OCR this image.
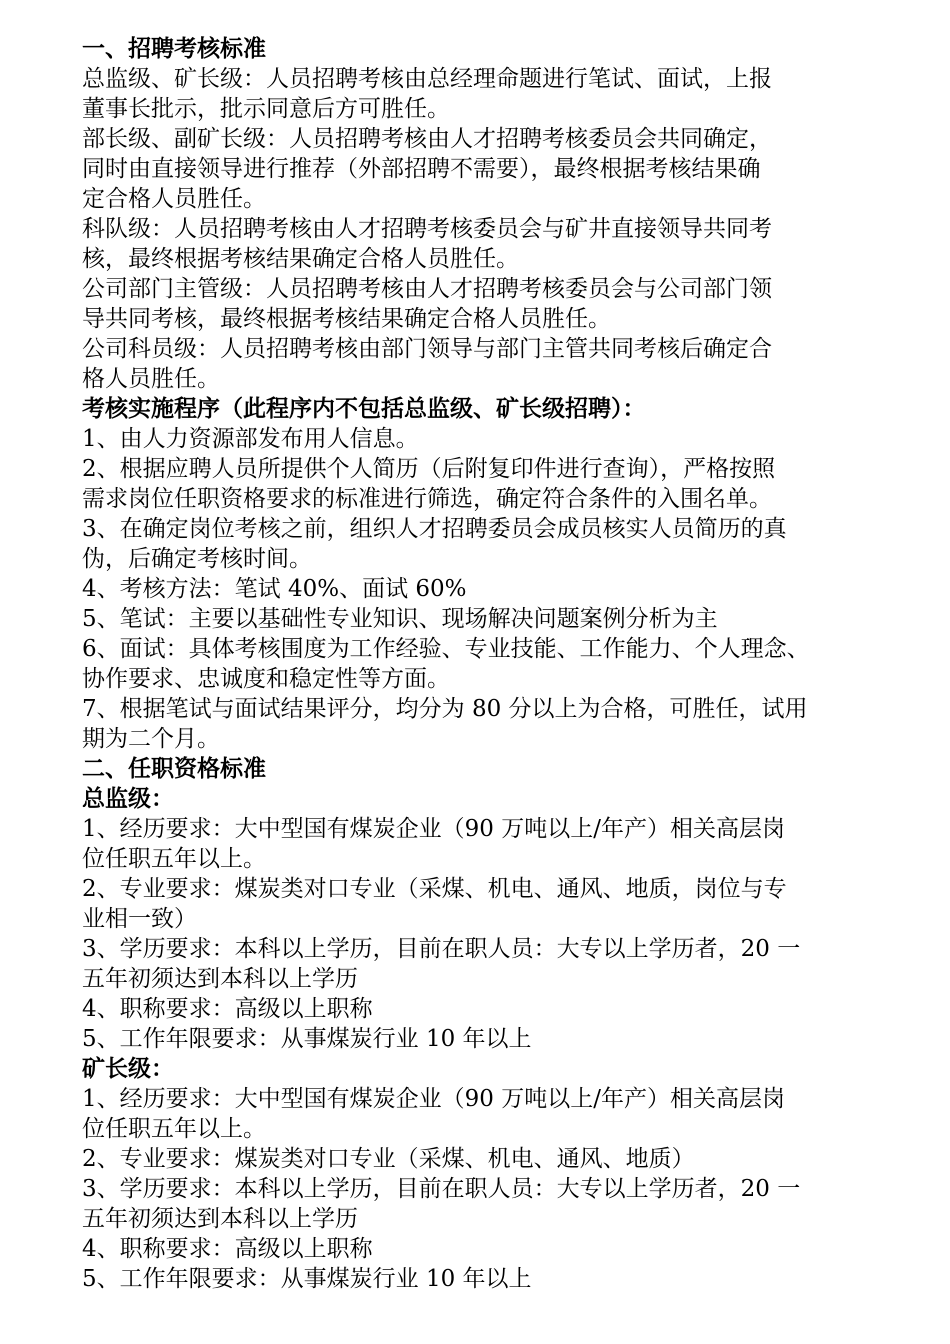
一、招聘考核标准
总监级、矿长级：人员招聘考核由总经理命题进行笔试、面试，上报
董事长批示，批示同意后方可胜任。
部长级、副矿长级：人员招聘考核由人才招聘考核委员会共同确定，
同时由直接领导进行推荐（外部招聘不需要），最终根据考核结果确
定合格人员胜任。
科队级：人员招聘考核由人才招聘考核委员会与矿井直接领导共同考
核，最终根据考核结果确定合格人员胜任。
公司部门主管级：人员招聘考核由人才招聘考核委员会与公司部门领
导共同考核，最终根据考核结果确定合格人员胜任。
公司科员级：人员招聘考核由部门领导与部门主管共同考核后确定合
格人员胜任。
考核实施程序（此程序内不包括总监级、矿长级招聘）：
1、由人力资源部发布用人信息。
2、根据应聘人员所提供个人简历（后附复印件进行查询），严格按照
需求岗位任职资格要求的标准进行筛选，确定符合条件的入围名单。
3、在确定岗位考核之前，组织人才招聘委员会成员核实人员简历的真
伪，后确定考核时间。
4、考核方法：笔试 40%、面试 60%
5、笔试：主要以基础性专业知识、现场解决问题案例分析为主
6、面试：具体考核围度为工作经验、专业技能、工作能力、个人理念、
协作要求、忠诚度和稳定性等方面。
7、根据笔试与面试结果评分，均分为 80 分以上为合格，可胜任，试用
期为二个月。
二、任职资格标准
总监级：
1、经历要求：大中型国有煤炭企业（90 万吨以上/年产）相关高层岗
位任职五年以上。
2、专业要求：煤炭类对口专业（采煤、机电、通风、地质，岗位与专
业相一致）
3、学历要求：本科以上学历，目前在职人员：大专以上学历者，20 一
五年初须达到本科以上学历
4、职称要求：高级以上职称
5、工作年限要求：从事煤炭行业 10 年以上
矿长级：
1、经历要求：大中型国有煤炭企业（90 万吨以上/年产）相关高层岗
位任职五年以上。
2、专业要求：煤炭类对口专业（采煤、机电、通风、地质）
3、学历要求：本科以上学历，目前在职人员：大专以上学历者，20 一
五年初须达到本科以上学历
4、职称要求：高级以上职称
5、工作年限要求：从事煤炭行业 10 年以上
